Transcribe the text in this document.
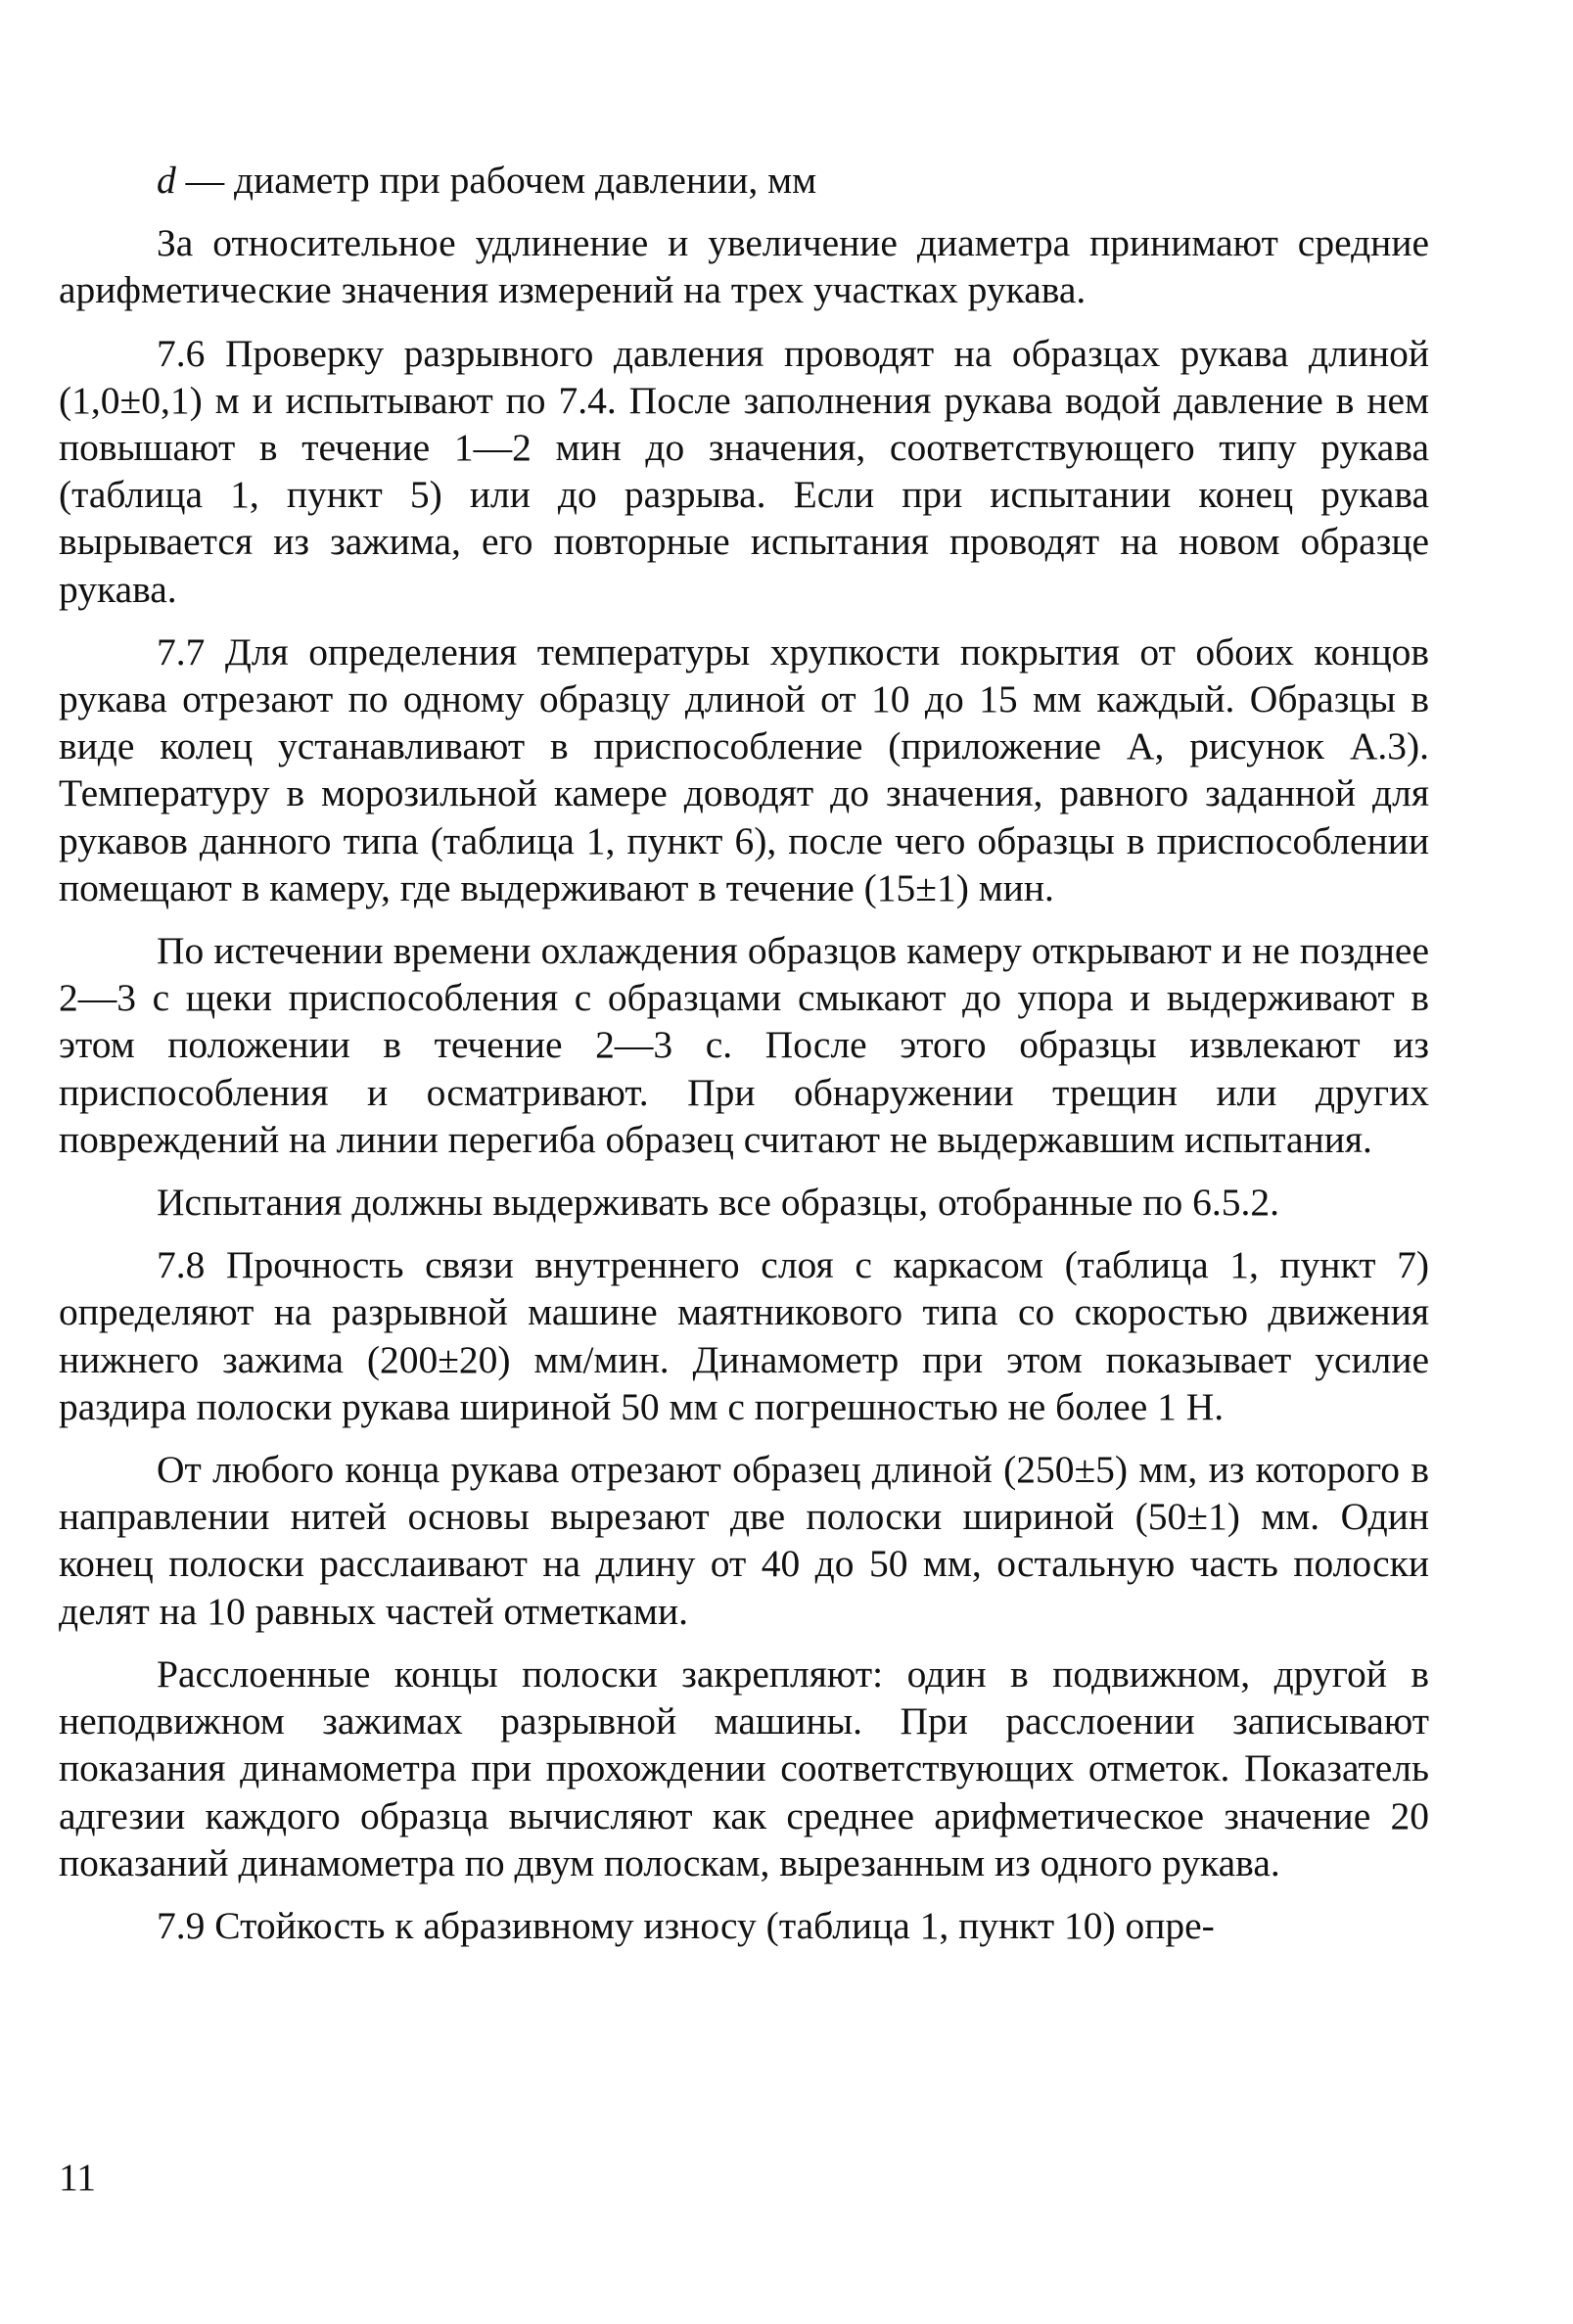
d — диаметр при рабочем давлении, мм

За относительное удлинение и увеличение диаметра принимают средние арифметические значения измерений на трех участках рукава.

7.6 Проверку разрывного давления проводят на образцах рукава длиной (1,0±0,1) м и испытывают по 7.4. После заполнения рукава водой давление в нем повышают в течение 1—2 мин до значения, соответствующего типу рукава (таблица 1, пункт 5) или до разрыва. Если при испытании конец рукава вырывается из зажима, его повторные испытания проводят на новом образце рукава.

7.7 Для определения температуры хрупкости покрытия от обоих концов рукава отрезают по одному образцу длиной от 10 до 15 мм каждый. Образцы в виде колец устанавливают в приспособление (приложение А, рисунок А.3). Температуру в морозильной камере доводят до значения, равного заданной для рукавов данного типа (таблица 1, пункт 6), после чего образцы в приспособлении помещают в камеру, где выдерживают в течение (15±1) мин.

По истечении времени охлаждения образцов камеру открывают и не позднее 2—3 с щеки приспособления с образцами смыкают до упора и выдерживают в этом положении в течение 2—3 с. После этого образцы извлекают из приспособления и осматривают. При обнаружении трещин или других повреждений на линии перегиба образец считают не выдержавшим испытания.

Испытания должны выдерживать все образцы, отобранные по 6.5.2.

7.8 Прочность связи внутреннего слоя с каркасом (таблица 1, пункт 7) определяют на разрывной машине маятникового типа со скоростью движения нижнего зажима (200±20) мм/мин. Динамометр при этом показывает усилие раздира полоски рукава шириной 50 мм с погрешностью не более 1 Н.

От любого конца рукава отрезают образец длиной (250±5) мм, из которого в направлении нитей основы вырезают две полоски шириной (50±1) мм. Один конец полоски расслаивают на длину от 40 до 50 мм, остальную часть полоски делят на 10 равных частей отметками.

Расслоенные концы полоски закрепляют: один в подвижном, другой в неподвижном зажимах разрывной машины. При расслоении записывают показания динамометра при прохождении соответствующих отметок. Показатель адгезии каждого образца вычисляют как среднее арифметическое значение 20 показаний динамометра по двум полоскам, вырезанным из одного рукава.

7.9 Стойкость к абразивному износу (таблица 1, пункт 10) опре-

11
